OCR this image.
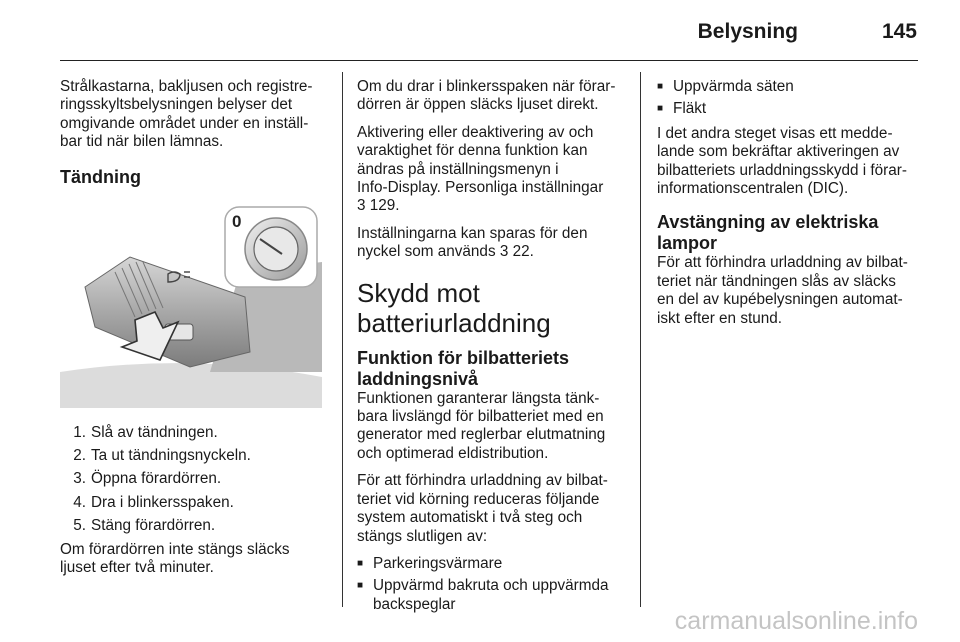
Belysning	145

Strålkastarna, bakljusen och registre-
ringsskyltsbelysningen belyser det
omgivande området under en inställ-
bar tid när bilen lämnas.

Tändning
0
1. Slå av tändningen.
2. Ta ut tändningsnyckeln.
3. Öppna förardörren.
4. Dra i blinkersspaken.
5. Stäng förardörren.

Om förardörren inte stängs släcks
ljuset efter två minuter.

Om du drar i blinkersspaken när förar-
dörren är öppen släcks ljuset direkt.

Aktivering eller deaktivering av och
varaktighet för denna funktion kan
ändras på inställningsmenyn i
Info-Display. Personliga inställningar
3 129.

Inställningarna kan sparas för den
nyckel som används 3 22.

Skydd mot
batteriurladdning
Funktion för bilbatteriets
laddningsnivå

Funktionen garanterar längsta tänk-
bara livslängd för bilbatteriet med en
generator med reglerbar elutmatning
och optimerad eldistribution.

För att förhindra urladdning av bilbat-
teriet vid körning reduceras följande
system automatiskt i två steg och
stängs slutligen av:

■ Parkeringsvärmare
■ Uppvärmd bakruta och uppvärmda
backspeglar
■ Uppvärmda säten
■ Fläkt

I det andra steget visas ett medde-
lande som bekräftar aktiveringen av
bilbatteriets urladdningsskydd i förar-
informationscentralen (DIC).

Avstängning av elektriska
lampor

För att förhindra urladdning av bilbat-
teriet när tändningen slås av släcks
en del av kupébelysningen automat-
iskt efter en stund.

carmanualsonline.info
